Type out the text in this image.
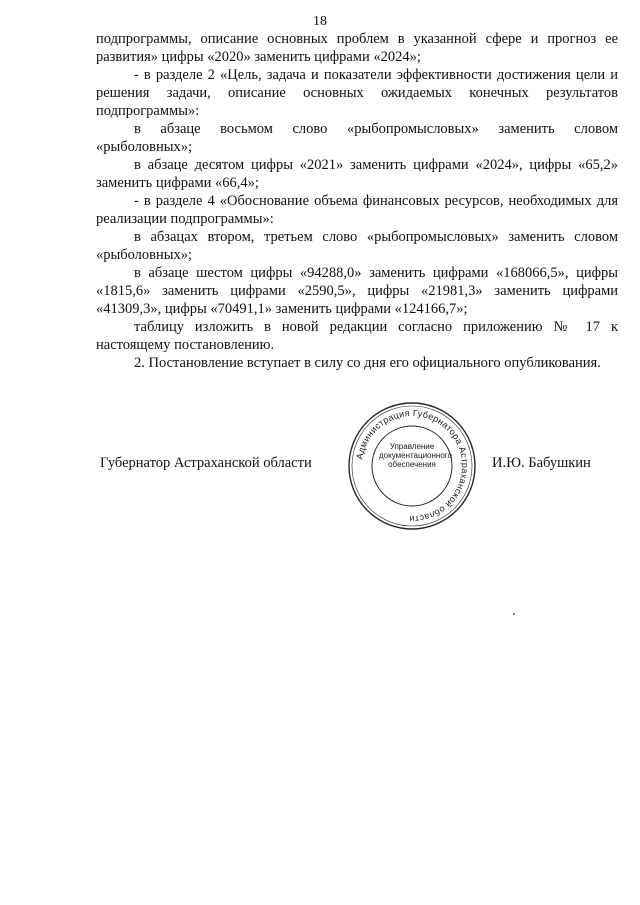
18

подпрограммы, описание основных проблем в указанной сфере и прогноз ее развития» цифры «2020» заменить цифрами «2024»;

- в разделе 2 «Цель, задача и показатели эффективности достижения цели и решения задачи, описание основных ожидаемых конечных результатов подпрограммы»:

в абзаце восьмом слово «рыбопромысловых» заменить словом «рыболовных»;

в абзаце десятом цифры «2021» заменить цифрами «2024», цифры «65,2» заменить цифрами «66,4»;

- в разделе 4 «Обоснование объема финансовых ресурсов, необходимых для реализации подпрограммы»:

в абзацах втором, третьем слово «рыбопромысловых» заменить словом «рыболовных»;

в абзаце шестом цифры «94288,0» заменить цифрами «168066,5», цифры «1815,6» заменить цифрами «2590,5», цифры «21981,3» заменить цифрами «41309,3», цифры «70491,1» заменить цифрами «124166,7»;

таблицу изложить в новой редакции согласно приложению № 17 к настоящему постановлению.

2. Постановление вступает в силу со дня его официального опубликования.

Губернатор Астраханской области	И.Ю. Бабушкин
Администрация Губернатора Астраханской области
Управление
документационного
обеспечения
